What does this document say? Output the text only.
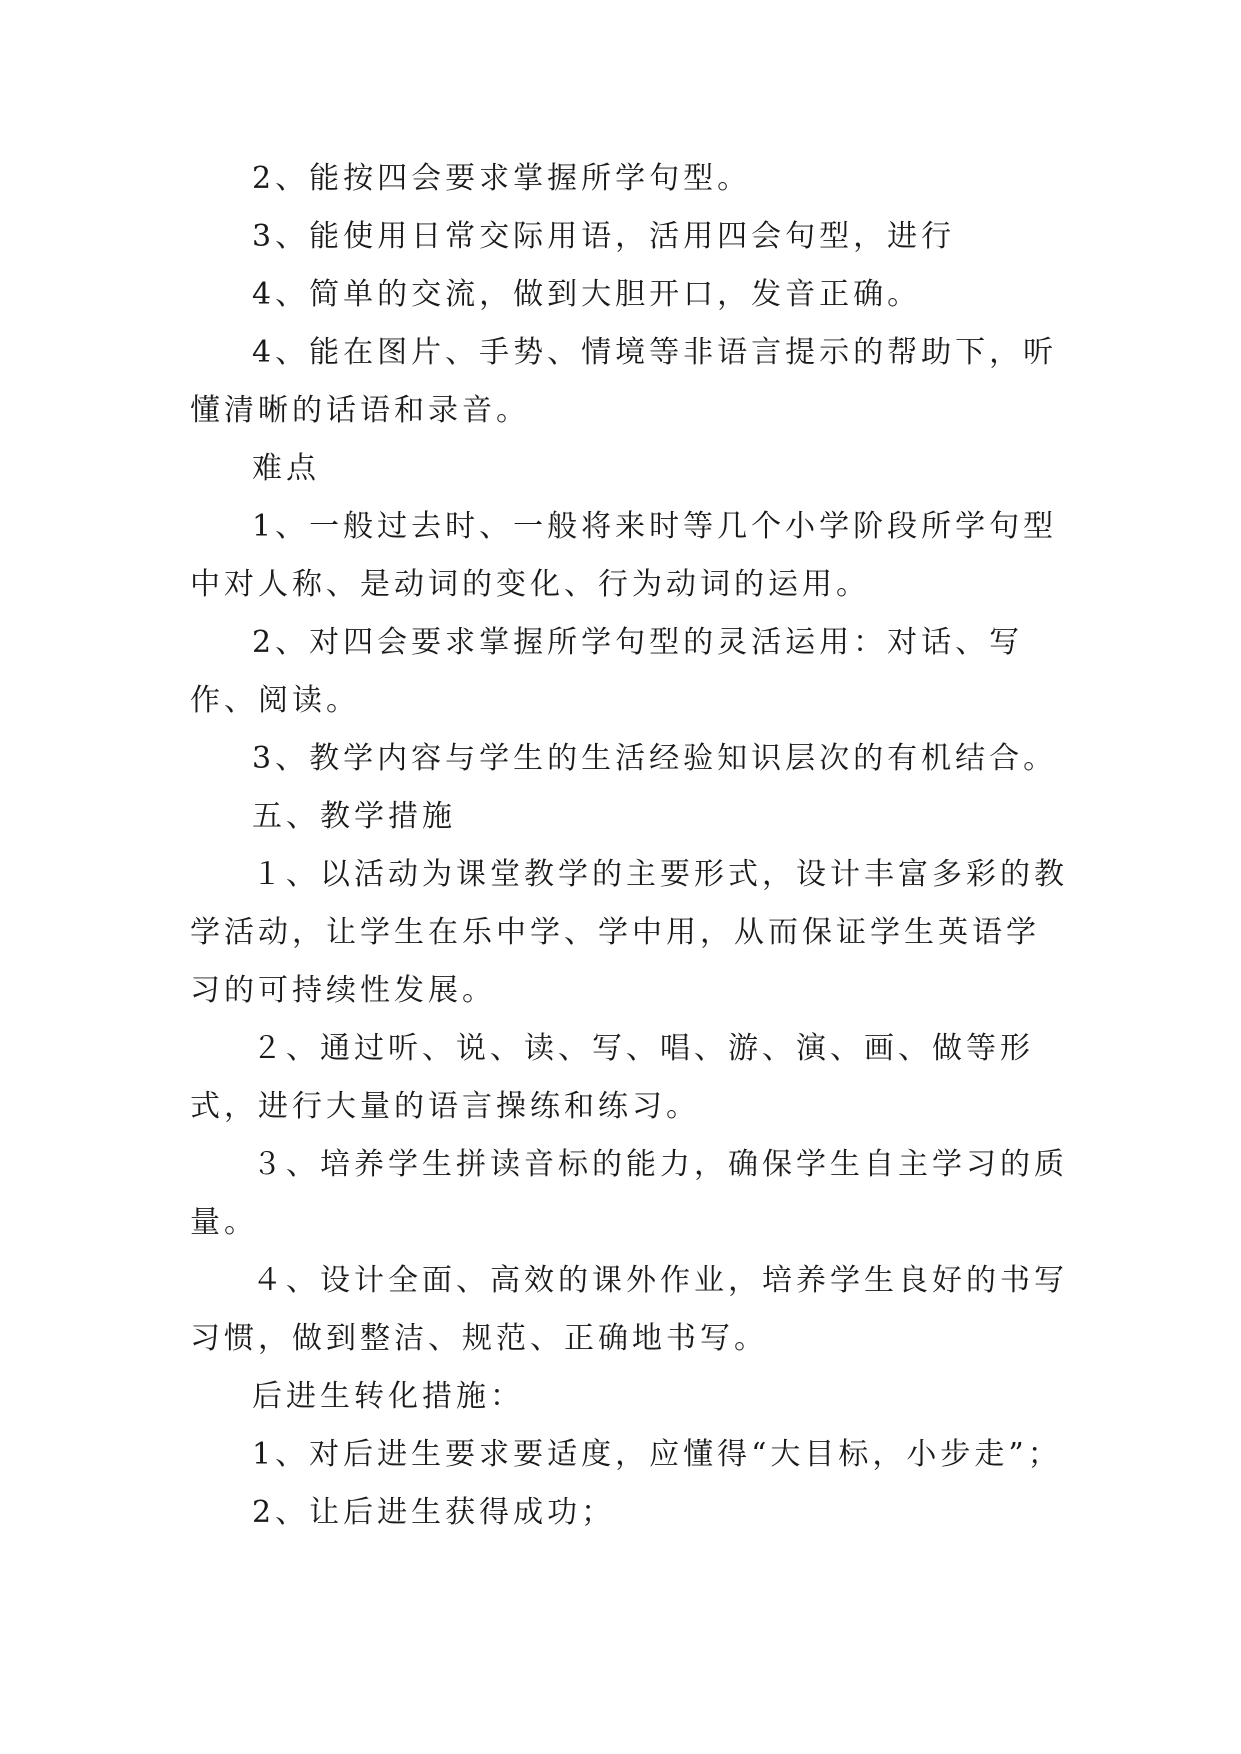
2、能按四会要求掌握所学句型。

3、能使用日常交际用语，活用四会句型，进行

4、简单的交流，做到大胆开口，发音正确。

4、能在图片、手势、情境等非语言提示的帮助下，听懂清晰的话语和录音。

难点

1、一般过去时、一般将来时等几个小学阶段所学句型中对人称、是动词的变化、行为动词的运用。

2、对四会要求掌握所学句型的灵活运用：对话、写作、阅读。

3、教学内容与学生的生活经验知识层次的有机结合。

五、教学措施

１、以活动为课堂教学的主要形式，设计丰富多彩的教学活动，让学生在乐中学、学中用，从而保证学生英语学习的可持续性发展。

２、通过听、说、读、写、唱、游、演、画、做等形式，进行大量的语言操练和练习。

３、培养学生拼读音标的能力，确保学生自主学习的质量。

４、设计全面、高效的课外作业，培养学生良好的书写习惯，做到整洁、规范、正确地书写。

后进生转化措施：

1、对后进生要求要适度，应懂得“大目标，小步走”；

2、让后进生获得成功；
